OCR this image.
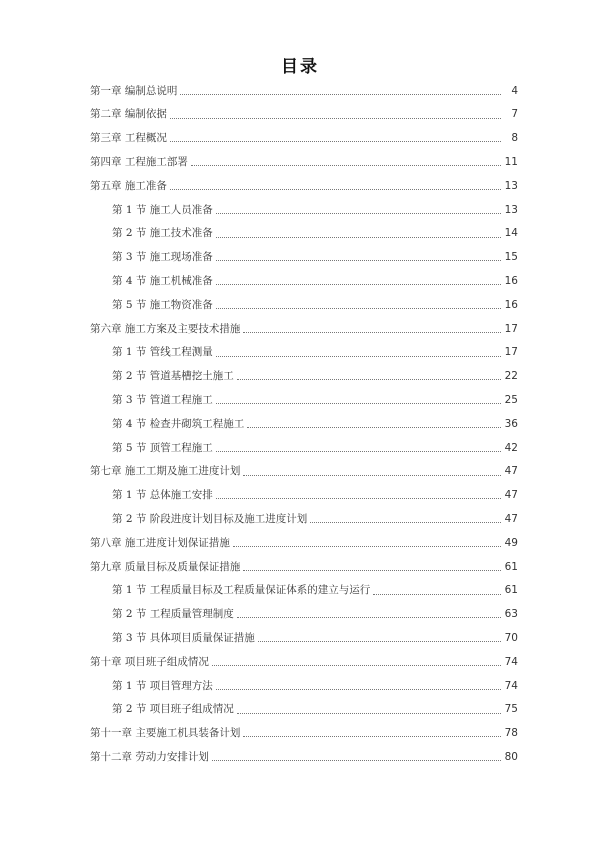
目录
第一章 编制总说明	4
第二章 编制依据	7
第三章 工程概况	8
第四章 工程施工部署	11
第五章 施工准备	13
第 1 节 施工人员准备	13
第 2 节 施工技术准备	14
第 3 节 施工现场准备	15
第 4 节 施工机械准备	16
第 5 节 施工物资准备	16
第六章 施工方案及主要技术措施	17
第 1 节 管线工程测量	17
第 2 节 管道基槽挖土施工	22
第 3 节 管道工程施工	25
第 4 节 检查井砌筑工程施工	36
第 5 节 顶管工程施工	42
第七章 施工工期及施工进度计划	47
第 1 节 总体施工安排	47
第 2 节 阶段进度计划目标及施工进度计划	47
第八章 施工进度计划保证措施	49
第九章 质量目标及质量保证措施	61
第 1 节 工程质量目标及工程质量保证体系的建立与运行	61
第 2 节 工程质量管理制度	63
第 3 节 具体项目质量保证措施	70
第十章 项目班子组成情况	74
第 1 节 项目管理方法	74
第 2 节 项目班子组成情况	75
第十一章 主要施工机具装备计划	78
第十二章 劳动力安排计划	80
